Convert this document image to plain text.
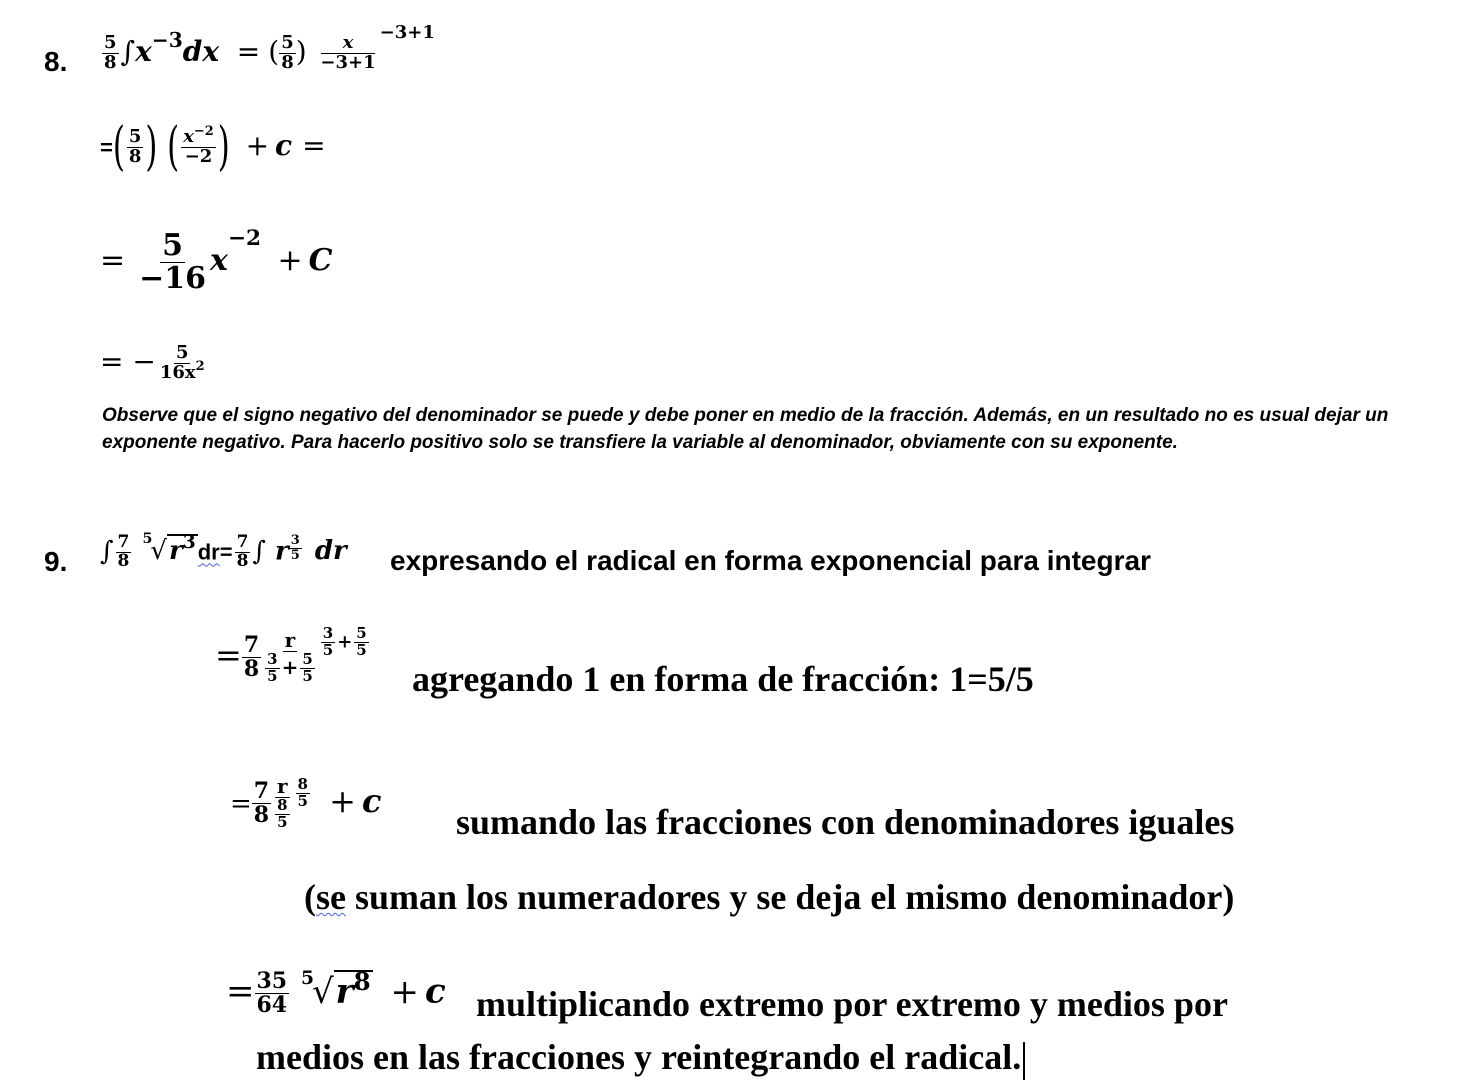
8. $\frac{5}{8} \int x^{-3}dx$ = ( $\frac{5}{8}$ ) $\frac{x}{-3+1}$
$^{-3+1}$
=( $\frac{5}{8}$ ) ( $\frac{x^{-2}}{-2}$ ) + c =
= $\frac{5}{-16} x^{-2} + C$
= − $\frac{5}{16x^2}$
Observe que el signo negativo del denominador se puede y debe poner en medio de la fracción. Además, en un resultado no es usual dejar un exponente negativo. Para hacerlo positivo solo se transfiere la variable al denominador, obviamente con su exponente.
9. ∫ $\frac{7}{8} ^5√r^3dr= \frac{7}{8}$ ∫ r $\frac{3}{5}$ dr expresando el radical en forma exponencial para integrar
= $\frac{7}{8} \frac{r}{\frac{3}{5} + \frac{5}{5}} \frac{3}{5} + \frac{5}{5}$
agregando 1 en forma de fracción: 1=5/5
= $\frac{7}{8} \frac{r}{\frac{8}{5}} \frac{8}{5} + c$
sumando las fracciones con denominadores iguales
(se suman los numeradores y se deja el mismo denominador)
= $\frac{35}{64} ^5√r^8 + c$ multiplicando extremo por extremo y medios por
medios en las fracciones y reintegrando el radical.
